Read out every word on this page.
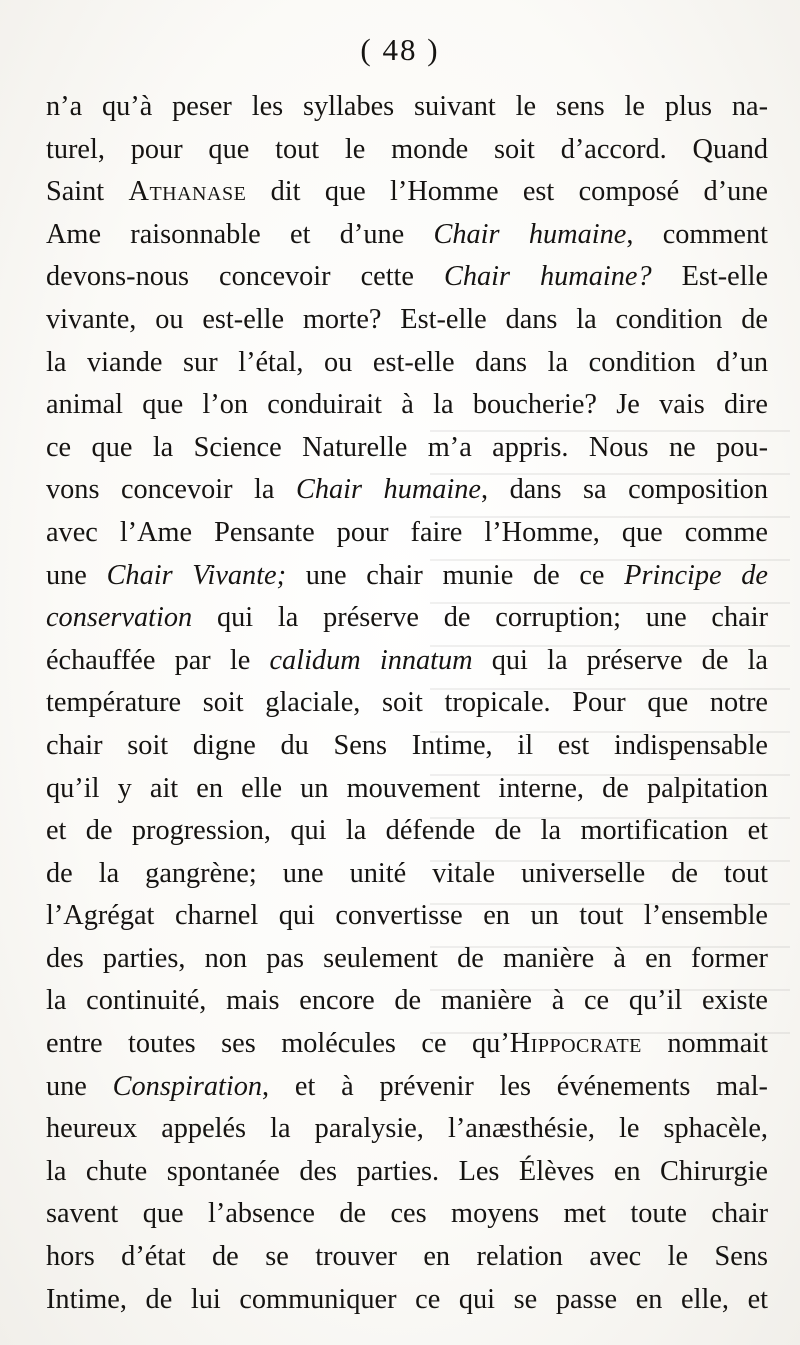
( 48 )
n’a qu’à peser les syllabes suivant le sens le plus na-
turel, pour que tout le monde soit d’accord. Quand
Saint Athanase dit que l’Homme est composé d’une
Ame raisonnable et d’une Chair humaine, comment
devons-nous concevoir cette Chair humaine? Est-elle
vivante, ou est-elle morte? Est-elle dans la condition de
la viande sur l’étal, ou est-elle dans la condition d’un
animal que l’on conduirait à la boucherie? Je vais dire
ce que la Science Naturelle m’a appris. Nous ne pou-
vons concevoir la Chair humaine, dans sa composition
avec l’Ame Pensante pour faire l’Homme, que comme
une Chair Vivante; une chair munie de ce Principe de
conservation qui la préserve de corruption; une chair
échauffée par le calidum innatum qui la préserve de la
température soit glaciale, soit tropicale. Pour que notre
chair soit digne du Sens Intime, il est indispensable
qu’il y ait en elle un mouvement interne, de palpitation
et de progression, qui la défende de la mortification et
de la gangrène; une unité vitale universelle de tout
l’Agrégat charnel qui convertisse en un tout l’ensemble
des parties, non pas seulement de manière à en former
la continuité, mais encore de manière à ce qu’il existe
entre toutes ses molécules ce qu’Hippocrate nommait
une Conspiration, et à prévenir les événements mal-
heureux appelés la paralysie, l’anæsthésie, le sphacèle,
la chute spontanée des parties. Les Élèves en Chirurgie
savent que l’absence de ces moyens met toute chair
hors d’état de se trouver en relation avec le Sens
Intime, de lui communiquer ce qui se passe en elle, et
